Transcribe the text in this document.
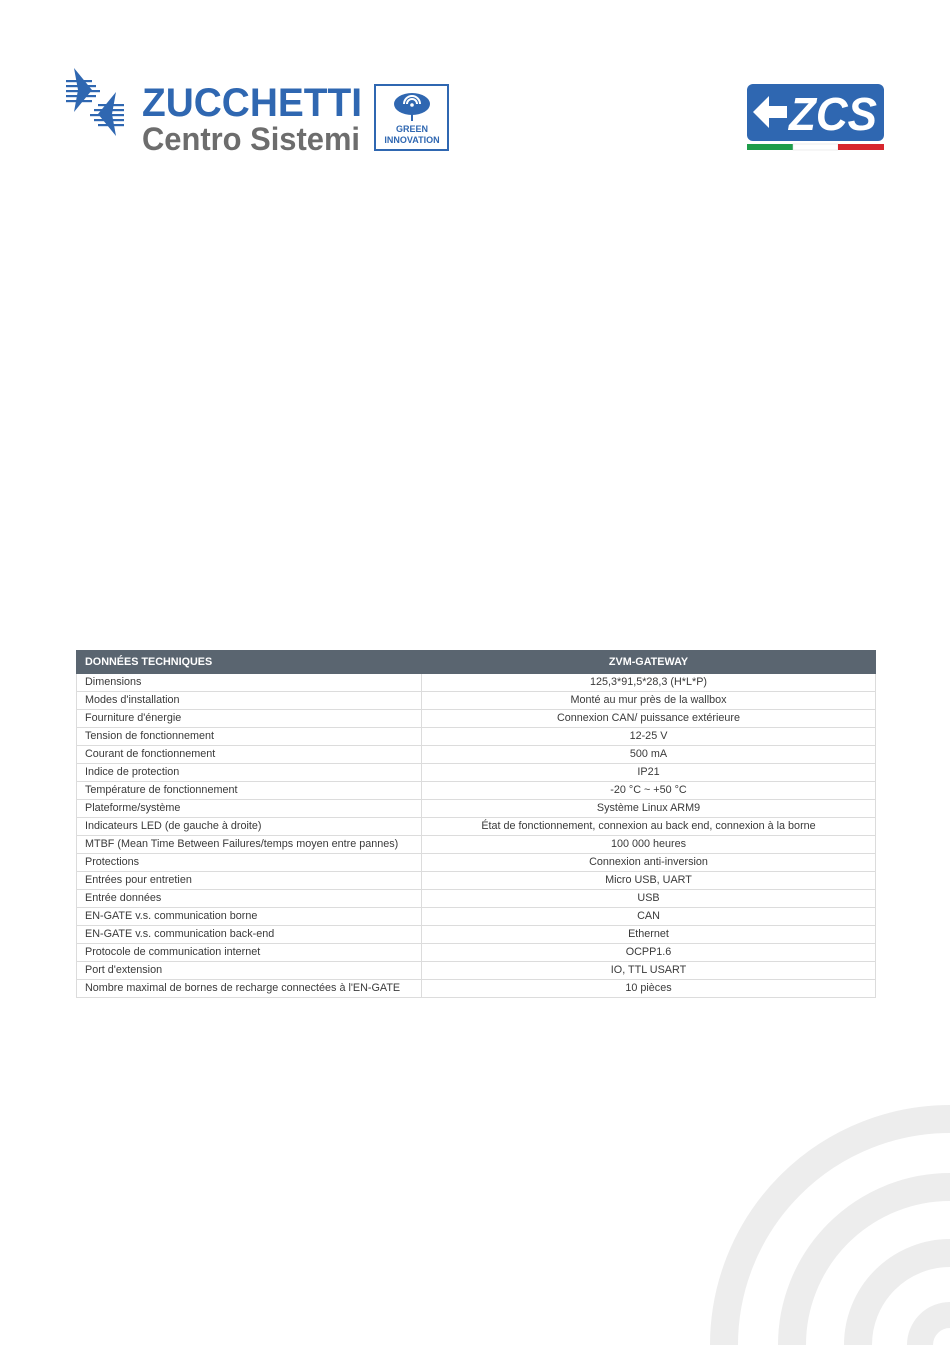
ZUCCHETTI
Centro Sistemi	GREEN
INNOVATION	ZCS
DONNÉES TECHNIQUES	ZVM-GATEWAY
Dimensions	125,3*91,5*28,3 (H*L*P)
Modes d'installation	Monté au mur près de la wallbox
Fourniture d'énergie	Connexion CAN/ puissance extérieure
Tension de fonctionnement	12-25 V
Courant de fonctionnement	500 mA
Indice de protection	IP21
Température de fonctionnement	-20 °C ~ +50 °C
Plateforme/système	Système Linux ARM9
Indicateurs LED (de gauche à droite)	État de fonctionnement, connexion au back end, connexion à la borne
MTBF (Mean Time Between Failures/temps moyen entre pannes)	100 000 heures
Protections	Connexion anti-inversion
Entrées pour entretien	Micro USB, UART
Entrée données	USB
EN-GATE v.s. communication borne	CAN
EN-GATE v.s. communication back-end	Ethernet
Protocole de communication internet	OCPP1.6
Port d'extension	IO, TTL USART
Nombre maximal de bornes de recharge connectées à l'EN-GATE	10 pièces
